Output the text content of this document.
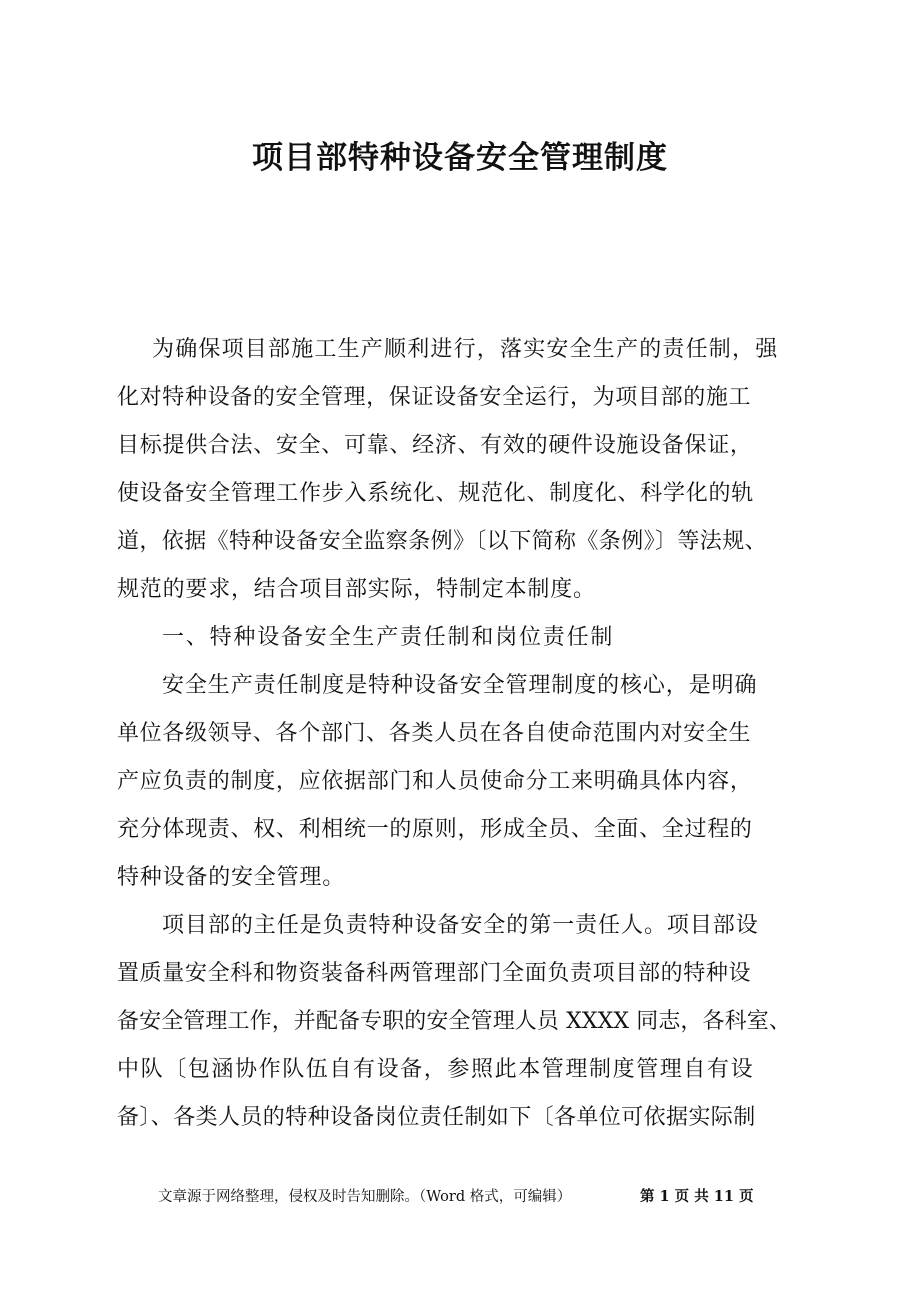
项目部特种设备安全管理制度

为确保项目部施工生产顺利进行，落实安全生产的责任制，强

化对特种设备的安全管理，保证设备安全运行，为项目部的施工

目标提供合法、安全、可靠、经济、有效的硬件设施设备保证，

使设备安全管理工作步入系统化、规范化、制度化、科学化的轨

道，依据《特种设备安全监察条例》〔以下简称《条例》〕等法规、

规范的要求，结合项目部实际，特制定本制度。

一、特种设备安全生产责任制和岗位责任制

安全生产责任制度是特种设备安全管理制度的核心，是明确

单位各级领导、各个部门、各类人员在各自使命范围内对安全生

产应负责的制度，应依据部门和人员使命分工来明确具体内容，

充分体现责、权、利相统一的原则，形成全员、全面、全过程的

特种设备的安全管理。

项目部的主任是负责特种设备安全的第一责任人。项目部设

置质量安全科和物资装备科两管理部门全面负责项目部的特种设

备安全管理工作，并配备专职的安全管理人员 XXXX 同志，各科室、

中队〔包涵协作队伍自有设备，参照此本管理制度管理自有设

备〕、各类人员的特种设备岗位责任制如下〔各单位可依据实际制

文章源于网络整理，侵权及时告知删除。（Word 格式，可编辑）	第 1 页 共 11 页
